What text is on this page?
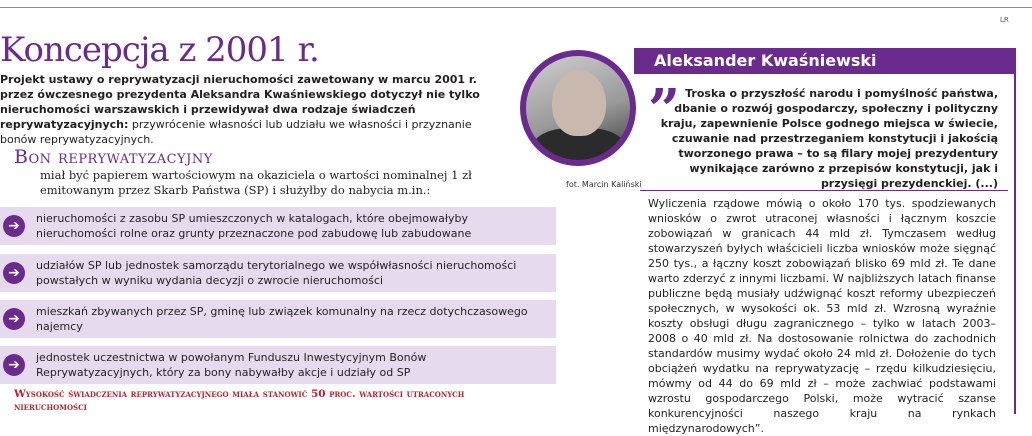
LR
Koncepcja z 2001 r.
Projekt ustawy o reprywatyzacji nieruchomości zawetowany w marcu 2001 r. przez ówczesnego prezydenta Aleksandra Kwaśniewskiego dotyczył nie tylko nieruchomości warszawskich i przewidywał dwa rodzaje świadczeń reprywatyzacyjnych: przywrócenie własności lub udziału we własności i przyznanie bonów reprywatyzacyjnych.
Bon reprywatyzacyjny
miał być papierem wartościowym na okaziciela o wartości nominalnej 1 zł emitowanym przez Skarb Państwa (SP) i służyłby do nabycia m.in.:
➔	nieruchomości z zasobu SP umieszczonych w katalogach, które obejmowałyby nieruchomości rolne oraz grunty przeznaczone pod zabudowę lub zabudowane
➔	udziałów SP lub jednostek samorządu terytorialnego we współwłasności nieruchomości powstałych w wyniku wydania decyzji o zwrocie nieruchomości
➔	mieszkań zbywanych przez SP, gminę lub związek komunalny na rzecz dotychczasowego najemcy
➔	jednostek uczestnictwa w powołanym Funduszu Inwestycyjnym Bonów Reprywatyzacyjnych, który za bony nabywałby akcje i udziały od SP
Wysokość świadczenia reprywatyzacyjnego miała stanowić 50 proc. wartości utraconych nieruchomości
fot. Marcin Kaliński
Aleksander Kwaśniewski
” Troska o przyszłość narodu i pomyślność państwa, dbanie o rozwój gospodarczy, społeczny i polityczny kraju, zapewnienie Polsce godnego miejsca w świecie, czuwanie nad przestrzeganiem konstytucji i jakością tworzonego prawa – to są filary mojej prezydentury wynikające zarówno z przepisów konstytucji, jak i przysięgi prezydenckiej. (...)
Wyliczenia rządowe mówią o około 170 tys. spodziewanych wniosków o zwrot utraconej własności i łącznym koszcie zobowiązań w granicach 44 mld zł. Tymczasem według stowarzyszeń byłych właścicieli liczba wniosków może sięgnąć 250 tys., a łączny koszt zobowiązań blisko 69 mld zł. Te dane warto zderzyć z innymi liczbami. W najbliższych latach finanse publiczne będą musiały udźwignąć koszt reformy ubezpieczeń społecznych, w wysokości ok. 53 mld zł. Wzrosną wyraźnie koszty obsługi długu zagranicznego – tylko w latach 2003–2008 o 40 mld zł. Na dostosowanie rolnictwa do zachodnich standardów musimy wydać około 24 mld zł. Dołożenie do tych obciążeń wydatku na reprywatyzację – rzędu kilkudziesięciu, mówmy od 44 do 69 mld zł – może zachwiać podstawami wzrostu gospodarczego Polski, może wytracić szanse konkurencyjności naszego kraju na rynkach międzynarodowych”.
